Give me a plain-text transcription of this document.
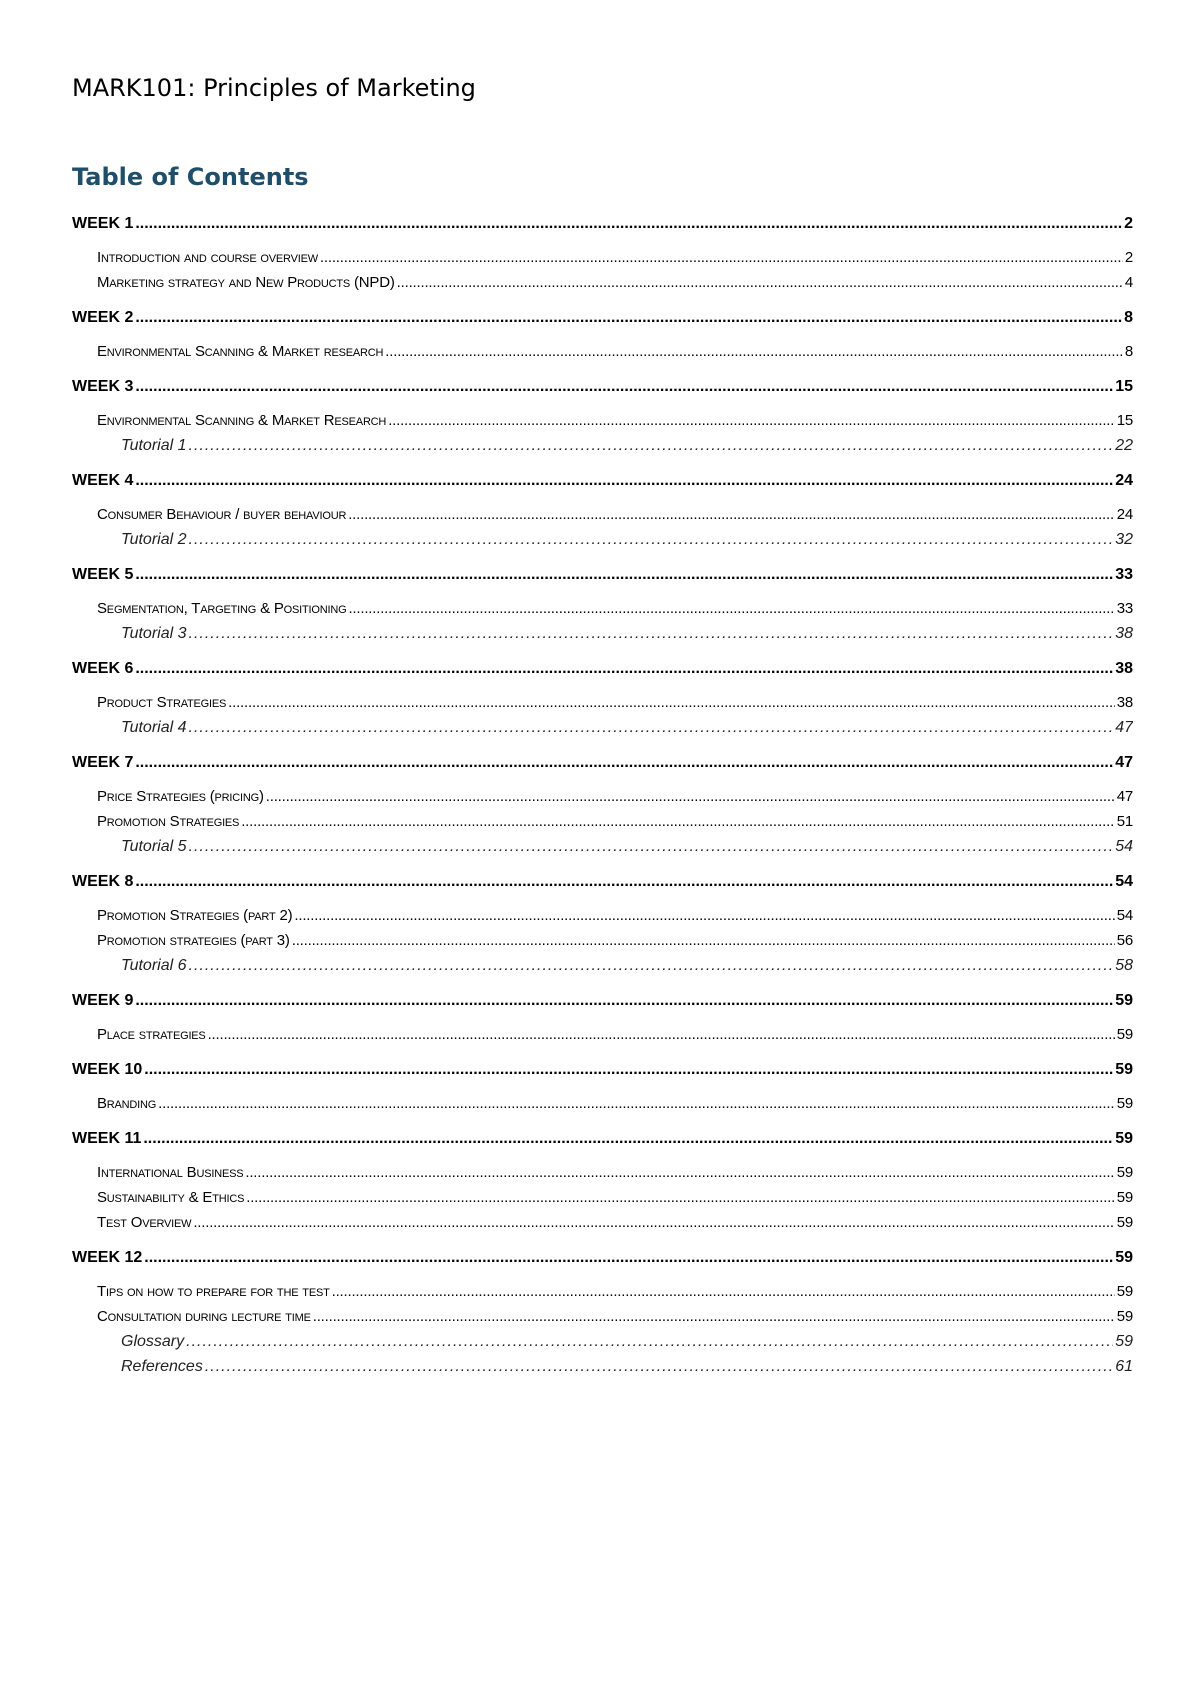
MARK101: Principles of Marketing
Table of Contents
WEEK 1 .....	2
Introduction and course overview .....	2
Marketing strategy and New Products (NPD) .....	4
WEEK 2 .....	8
Environmental Scanning & Market research .....	8
WEEK 3 .....	15
Environmental Scanning & Market Research .....	15
Tutorial 1 .....	22
WEEK 4 .....	24
Consumer Behaviour / buyer behaviour .....	24
Tutorial 2 .....	32
WEEK 5 .....	33
Segmentation, Targeting & Positioning .....	33
Tutorial 3 .....	38
WEEK 6 .....	38
Product Strategies .....	38
Tutorial 4 .....	47
WEEK 7 .....	47
Price Strategies (pricing) .....	47
Promotion Strategies .....	51
Tutorial 5 .....	54
WEEK 8 .....	54
Promotion Strategies (part 2) .....	54
Promotion strategies (part 3) .....	56
Tutorial 6 .....	58
WEEK 9 .....	59
Place strategies .....	59
WEEK 10 .....	59
Branding .....	59
WEEK 11 .....	59
International Business .....	59
Sustainability & Ethics .....	59
Test Overview .....	59
WEEK 12 .....	59
Tips on how to prepare for the test .....	59
Consultation during lecture time .....	59
Glossary .....	59
References .....	61
